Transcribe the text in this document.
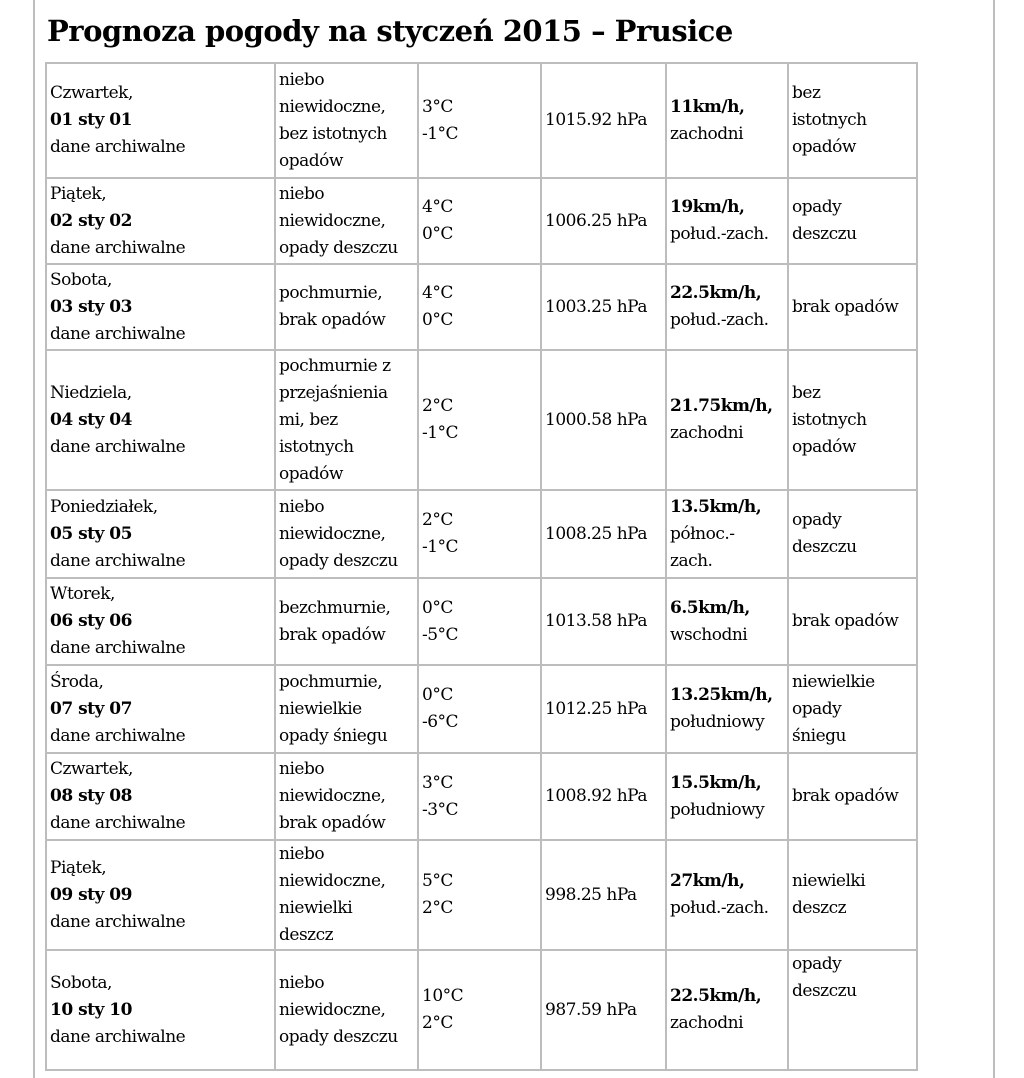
Prognoza pogody na styczeń 2015 – Prusice
Czwartek,
01 sty 01
dane archiwalne	niebo
niewidoczne,
bez istotnych
opadów	3°C
-1°C	1015.92 hPa	11km/h,
zachodni	bez
istotnych
opadów

Piątek,
02 sty 02
dane archiwalne	niebo
niewidoczne,
opady deszczu	4°C
0°C	1006.25 hPa	19km/h,
połud.-zach.	opady
deszczu

Sobota,
03 sty 03
dane archiwalne	pochmurnie,
brak opadów	4°C
0°C	1003.25 hPa	22.5km/h,
połud.-zach.	brak opadów

Niedziela,
04 sty 04
dane archiwalne	pochmurnie z
przejaśnienia
mi, bez
istotnych
opadów	2°C
-1°C	1000.58 hPa	21.75km/h,
zachodni	bez
istotnych
opadów

Poniedziałek,
05 sty 05
dane archiwalne	niebo
niewidoczne,
opady deszczu	2°C
-1°C	1008.25 hPa	13.5km/h,
północ.-
zach.	opady
deszczu

Wtorek,
06 sty 06
dane archiwalne	bezchmurnie,
brak opadów	0°C
-5°C	1013.58 hPa	6.5km/h,
wschodni	brak opadów

Środa,
07 sty 07
dane archiwalne	pochmurnie,
niewielkie
opady śniegu	0°C
-6°C	1012.25 hPa	13.25km/h,
południowy	niewielkie
opady
śniegu

Czwartek,
08 sty 08
dane archiwalne	niebo
niewidoczne,
brak opadów	3°C
-3°C	1008.92 hPa	15.5km/h,
południowy	brak opadów

Piątek,
09 sty 09
dane archiwalne	niebo
niewidoczne,
niewielki
deszcz	5°C
2°C	998.25 hPa	27km/h,
połud.-zach.	niewielki
deszcz

Sobota,
10 sty 10
dane archiwalne	niebo
niewidoczne,
opady deszczu	10°C
2°C	987.59 hPa	22.5km/h,
zachodni	opady
deszczu
